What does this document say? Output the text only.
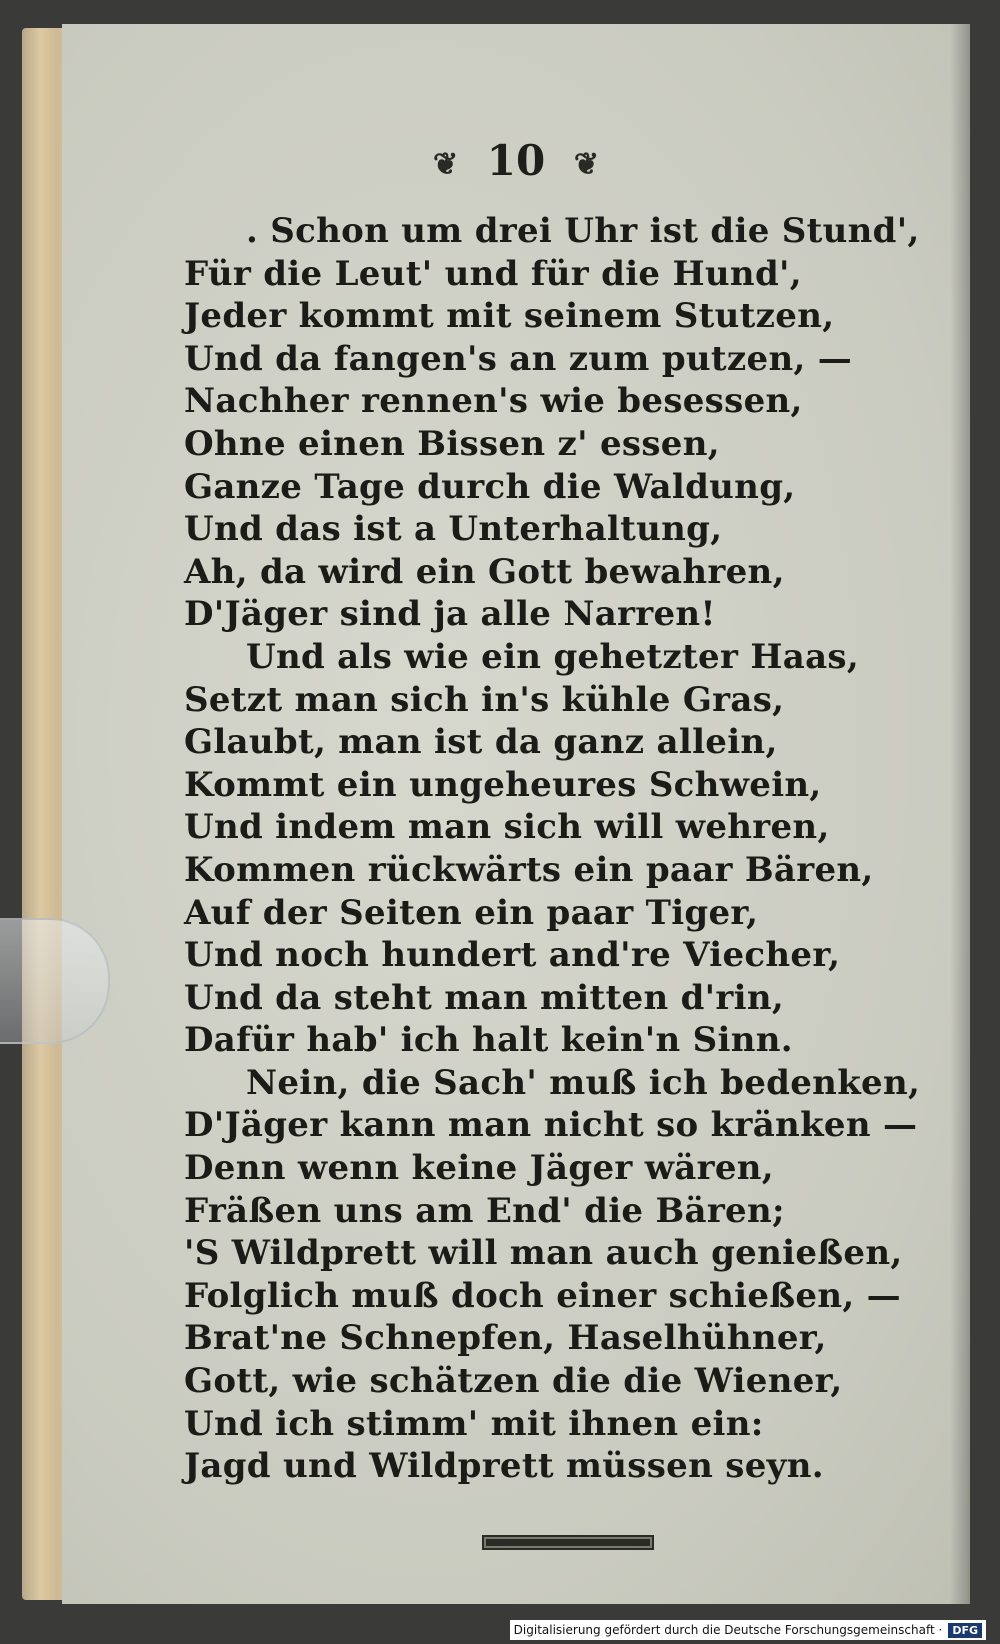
❦ 10 ❦
. Schon um drei Uhr ist die Stund',
Für die Leut' und für die Hund',
Jeder kommt mit seinem Stutzen,
Und da fangen's an zum putzen, —
Nachher rennen's wie besessen,
Ohne einen Bissen z' essen,
Ganze Tage durch die Waldung,
Und das ist a Unterhaltung,
Ah, da wird ein Gott bewahren,
D'Jäger sind ja alle Narren!
Und als wie ein gehetzter Haas,
Setzt man sich in's kühle Gras,
Glaubt, man ist da ganz allein,
Kommt ein ungeheures Schwein,
Und indem man sich will wehren,
Kommen rückwärts ein paar Bären,
Auf der Seiten ein paar Tiger,
Und noch hundert and're Viecher,
Und da steht man mitten d'rin,
Dafür hab' ich halt kein'n Sinn.
Nein, die Sach' muß ich bedenken,
D'Jäger kann man nicht so kränken —
Denn wenn keine Jäger wären,
Fräßen uns am End' die Bären;
'S Wildprett will man auch genießen,
Folglich muß doch einer schießen, —
Brat'ne Schnepfen, Haselhühner,
Gott, wie schätzen die die Wiener,
Und ich stimm' mit ihnen ein:
Jagd und Wildprett müssen seyn.
Digitalisierung gefördert durch die Deutsche Forschungsgemeinschaft · DFG
